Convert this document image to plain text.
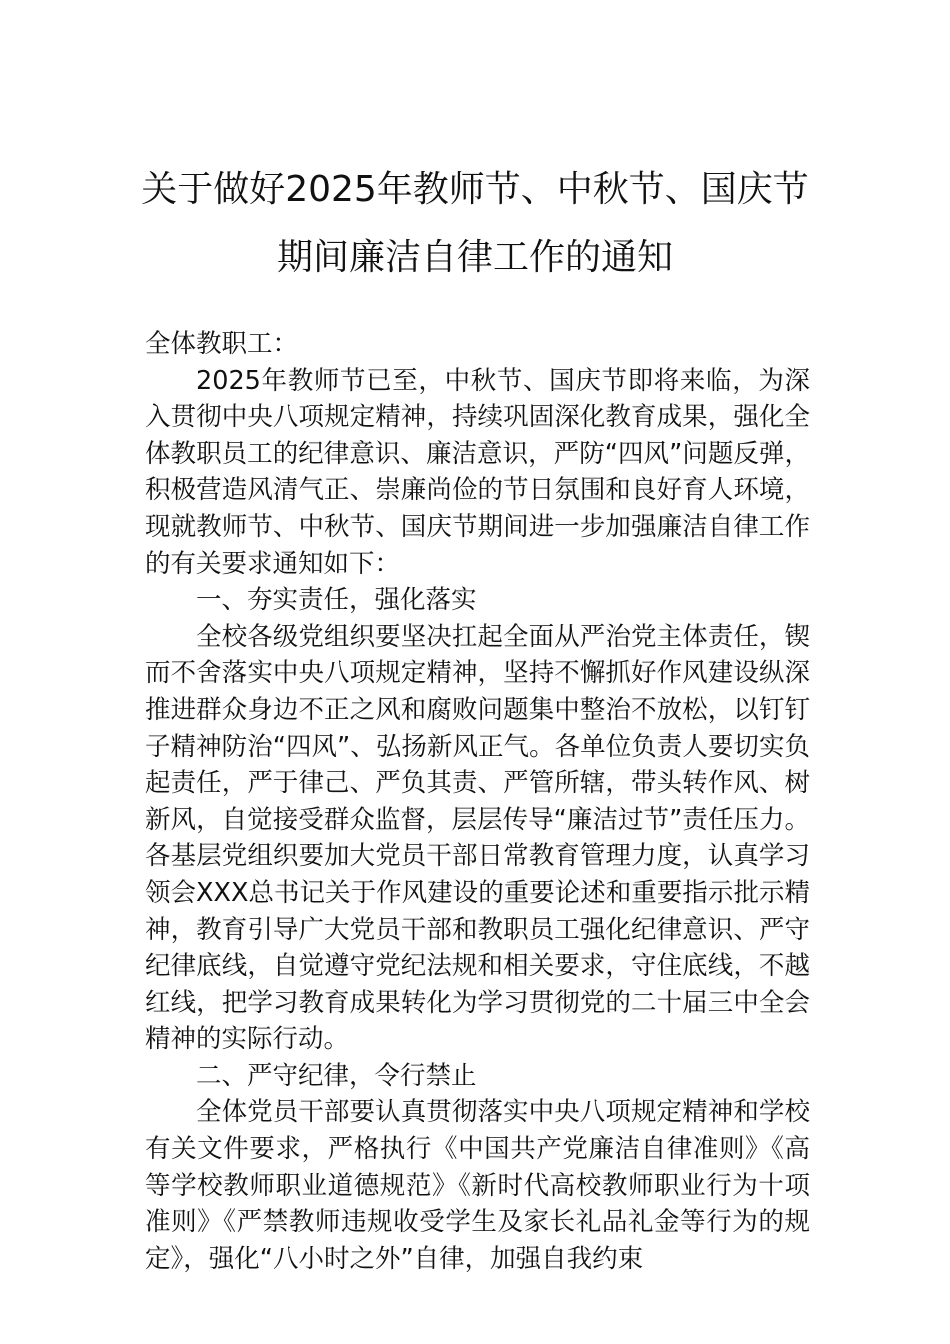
关于做好2025年教师节、中秋节、国庆节
期间廉洁自律工作的通知

全体教职工：

2025年教师节已至，中秋节、国庆节即将来临，为深入贯彻中央八项规定精神，持续巩固深化教育成果，强化全体教职员工的纪律意识、廉洁意识，严防“四风”问题反弹，积极营造风清气正、崇廉尚俭的节日氛围和良好育人环境，现就教师节、中秋节、国庆节期间进一步加强廉洁自律工作的有关要求通知如下：

一、夯实责任，强化落实

全校各级党组织要坚决扛起全面从严治党主体责任，锲而不舍落实中央八项规定精神，坚持不懈抓好作风建设纵深推进群众身边不正之风和腐败问题集中整治不放松，以钉钉子精神防治“四风”、弘扬新风正气。各单位负责人要切实负起责任，严于律己、严负其责、严管所辖，带头转作风、树新风，自觉接受群众监督，层层传导“廉洁过节”责任压力。各基层党组织要加大党员干部日常教育管理力度，认真学习领会XXX总书记关于作风建设的重要论述和重要指示批示精神，教育引导广大党员干部和教职员工强化纪律意识、严守纪律底线，自觉遵守党纪法规和相关要求，守住底线，不越红线，把学习教育成果转化为学习贯彻党的二十届三中全会精神的实际行动。

二、严守纪律，令行禁止

全体党员干部要认真贯彻落实中央八项规定精神和学校有关文件要求，严格执行《中国共产党廉洁自律准则》《高等学校教师职业道德规范》《新时代高校教师职业行为十项准则》《严禁教师违规收受学生及家长礼品礼金等行为的规定》，强化“八小时之外”自律，加强自我约束
